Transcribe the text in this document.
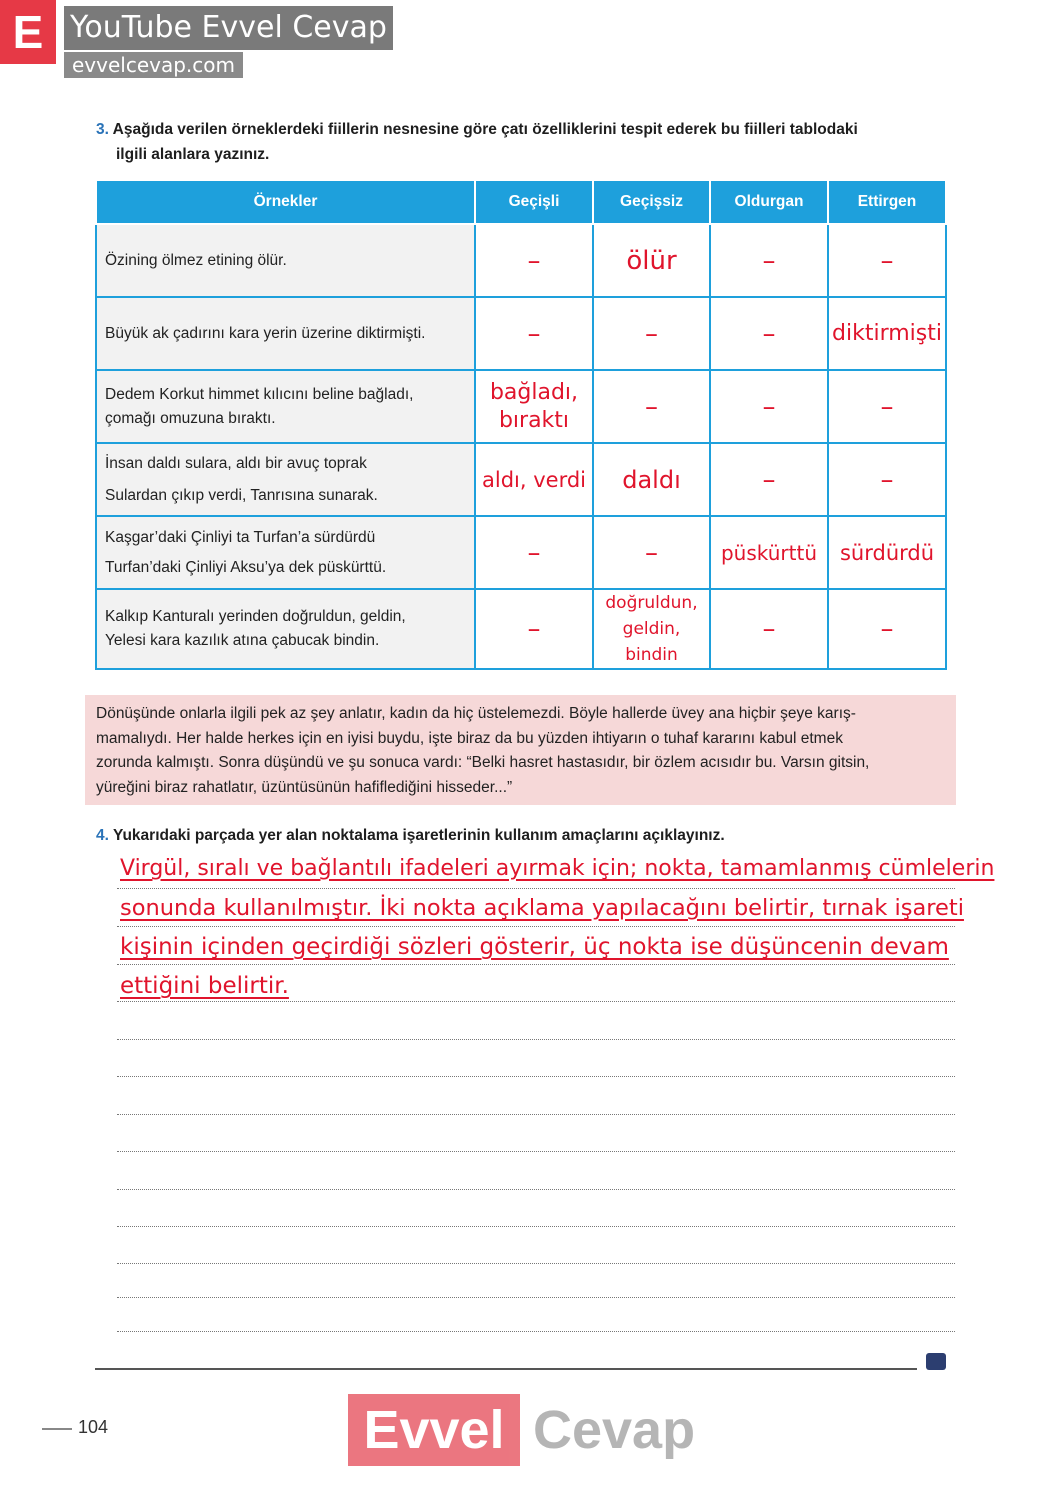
E YouTube Evvel Cevap
evvelcevap.com
3. Aşağıda verilen örneklerdeki fiillerin nesnesine göre çatı özelliklerini tespit ederek bu fiilleri tablodaki
ilgili alanlara yazınız.
Örnekler	Geçişli	Geçişsiz	Oldurgan	Ettirgen
Özining ölmez etining ölür.	–	ölür	–	–
Büyük ak çadırını kara yerin üzerine diktirmişti.	–	–	–	diktirmişti

Dedem Korkut himmet kılıcını beline bağladı,
çomağı omuzuna bıraktı.	bağladı, bıraktı	–	–	–

İnsan daldı sulara, aldı bir avuç toprak
Sulardan çıkıp verdi, Tanrısına sunarak.	aldı, verdi	daldı	–	–

Kaşgar’daki Çinliyi ta Turfan’a sürdürdü
Turfan’daki Çinliyi Aksu’ya dek püskürttü.	–	–	püskürttü	sürdürdü

Kalkıp Kanturalı yerinden doğruldun, geldin,
Yelesi kara kazılık atına çabucak bindin.	–	doğruldun, geldin, bindin	–	–
Dönüşünde onlarla ilgili pek az şey anlatır, kadın da hiç üstelemezdi. Böyle hallerde üvey ana hiçbir şeye karış-
mamalıydı. Her halde herkes için en iyisi buydu, işte biraz da bu yüzden ihtiyarın o tuhaf kararını kabul etmek
zorunda kalmıştı. Sonra düşündü ve şu sonuca vardı: “Belki hasret hastasıdır, bir özlem acısıdır bu. Varsın gitsin,
yüreğini biraz rahatlatır, üzüntüsünün hafiflediğini hisseder...”
4. Yukarıdaki parçada yer alan noktalama işaretlerinin kullanım amaçlarını açıklayınız.
Virgül, sıralı ve bağlantılı ifadeleri ayırmak için; nokta, tamamlanmış cümlelerin
sonunda kullanılmıştır. İki nokta açıklama yapılacağını belirtir, tırnak işareti
kişinin içinden geçirdiği sözleri gösterir, üç nokta ise düşüncenin devam
ettiğini belirtir.
104	Evvel Cevap
